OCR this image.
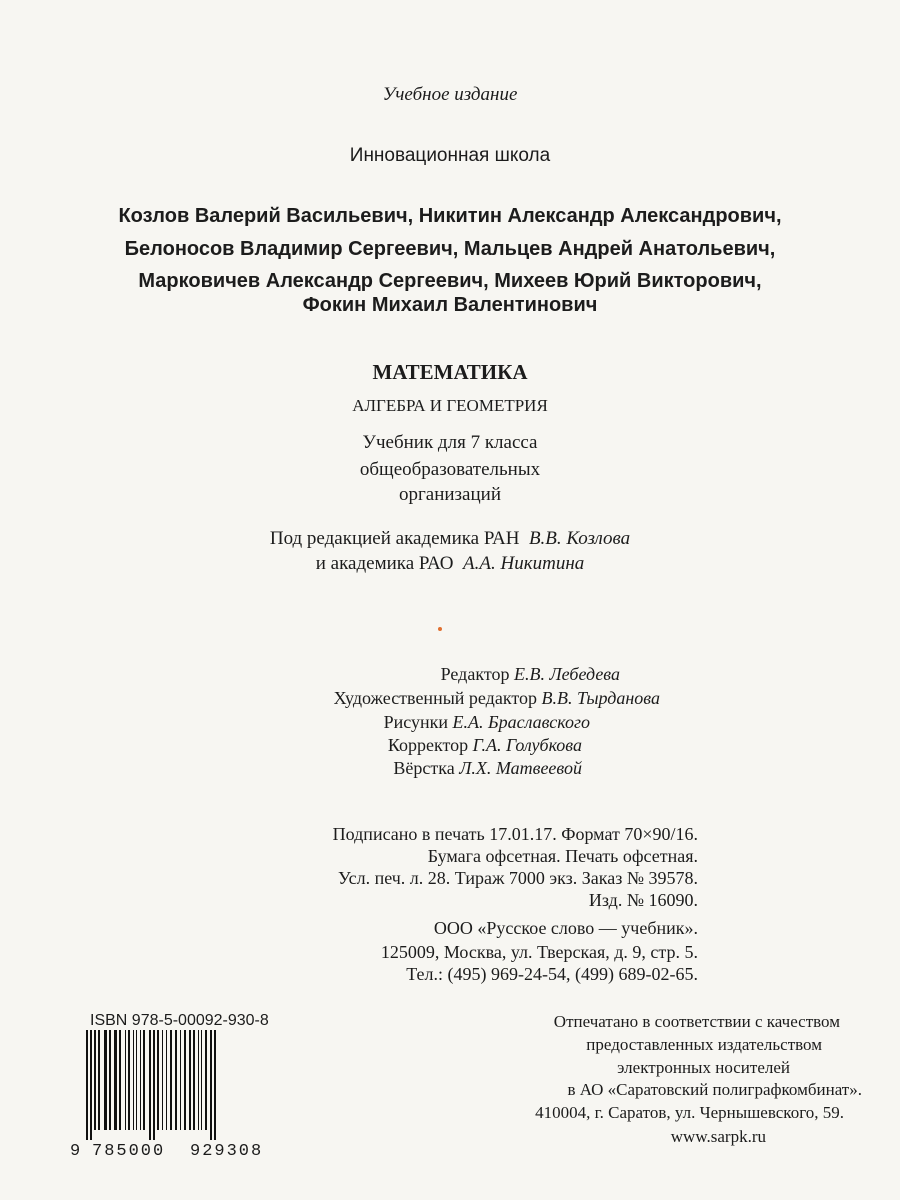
Учебное издание
Инновационная школа
Козлов Валерий Васильевич, Никитин Александр Александрович,
Белоносов Владимир Сергеевич, Мальцев Андрей Анатольевич,
Марковичев Александр Сергеевич, Михеев Юрий Викторович,
Фокин Михаил Валентинович
МАТЕМАТИКА
АЛГЕБРА И ГЕОМЕТРИЯ
Учебник для 7 класса
общеобразовательных
организаций
Под редакцией академика РАН В.В. Козлова
и академика РАО А.А. Никитина
Редактор Е.В. Лебедева
Художественный редактор В.В. Тырданова
Рисунки Е.А. Браславского
Корректор Г.А. Голубкова
Вёрстка Л.Х. Матвеевой
Подписано в печать 17.01.17. Формат 70×90/16.
Бумага офсетная. Печать офсетная.
Усл. печ. л. 28. Тираж 7000 экз. Заказ № 39578.
Изд. № 16090.
ООО «Русское слово — учебник».
125009, Москва, ул. Тверская, д. 9, стр. 5.
Тел.: (495) 969-24-54, (499) 689-02-65.
ISBN 978-5-00092-930-8
9 785000 929308
Отпечатано в соответствии с качеством
предоставленных издательством
электронных носителей
в АО «Саратовский полиграфкомбинат».
410004, г. Саратов, ул. Чернышевского, 59.
www.sarpk.ru
